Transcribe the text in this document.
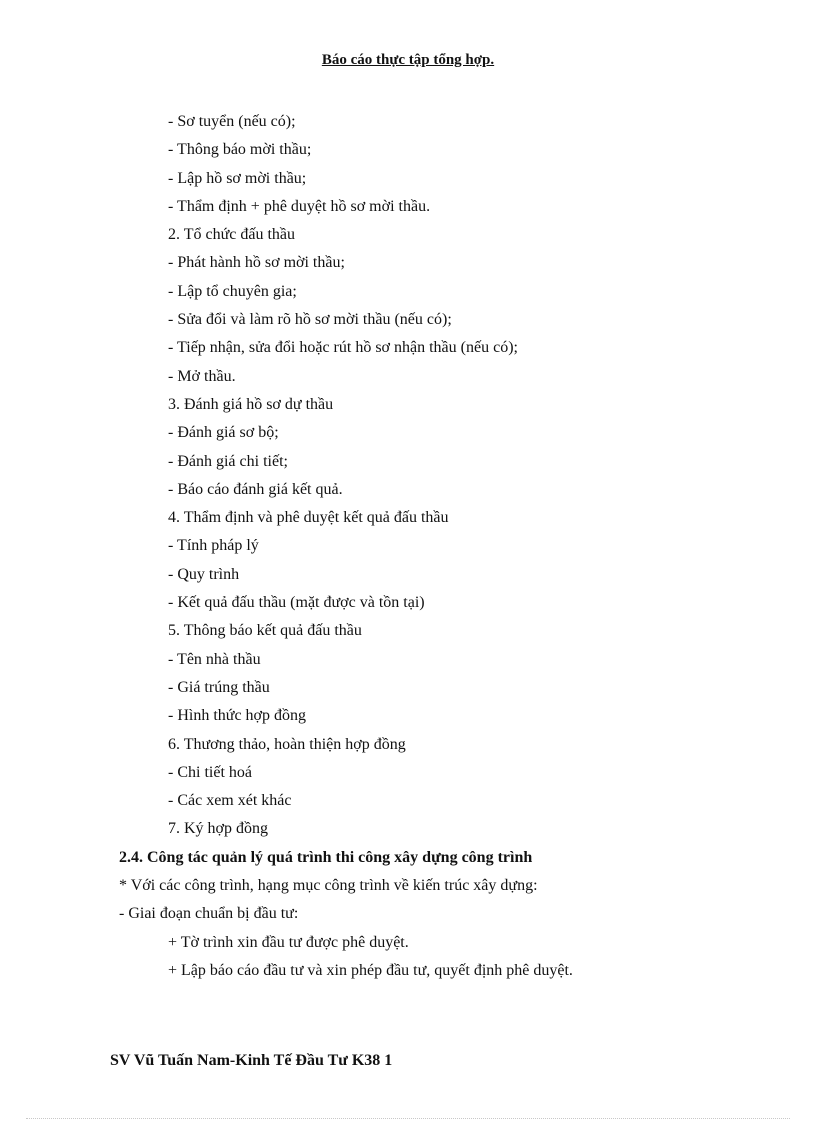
Báo cáo thực tập tổng hợp.
- Sơ tuyển (nếu có);
- Thông báo mời thầu;
- Lập hồ sơ mời thầu;
- Thẩm định + phê duyệt hồ sơ mời thầu.
2. Tổ chức đấu thầu
- Phát hành hồ sơ mời thầu;
- Lập tổ chuyên gia;
- Sửa đổi và làm rõ hồ sơ mời thầu (nếu có);
- Tiếp nhận, sửa đổi hoặc rút hồ sơ nhận thầu (nếu có);
- Mở thầu.
3. Đánh giá hồ sơ dự thầu
- Đánh giá sơ bộ;
- Đánh giá chi tiết;
- Báo cáo đánh giá kết quả.
4. Thẩm định và phê duyệt kết quả đấu thầu
- Tính pháp lý
- Quy trình
- Kết quả đấu thầu (mặt được và tồn tại)
5. Thông báo kết quả đấu thầu
- Tên nhà thầu
- Giá trúng thầu
- Hình thức hợp đồng
6. Thương thảo, hoàn thiện hợp đồng
- Chi tiết hoá
- Các xem xét khác
7. Ký hợp đồng
2.4. Công tác quản lý quá trình thi công xây dựng công trình
* Với các công trình, hạng mục công trình về kiến trúc xây dựng:
- Giai đoạn chuẩn bị đầu tư:
+ Tờ trình xin đầu tư được phê duyệt.
+ Lập báo cáo đầu tư và xin phép đầu tư, quyết định phê duyệt.
SV Vũ Tuấn Nam-Kinh Tế Đầu Tư K38 1
